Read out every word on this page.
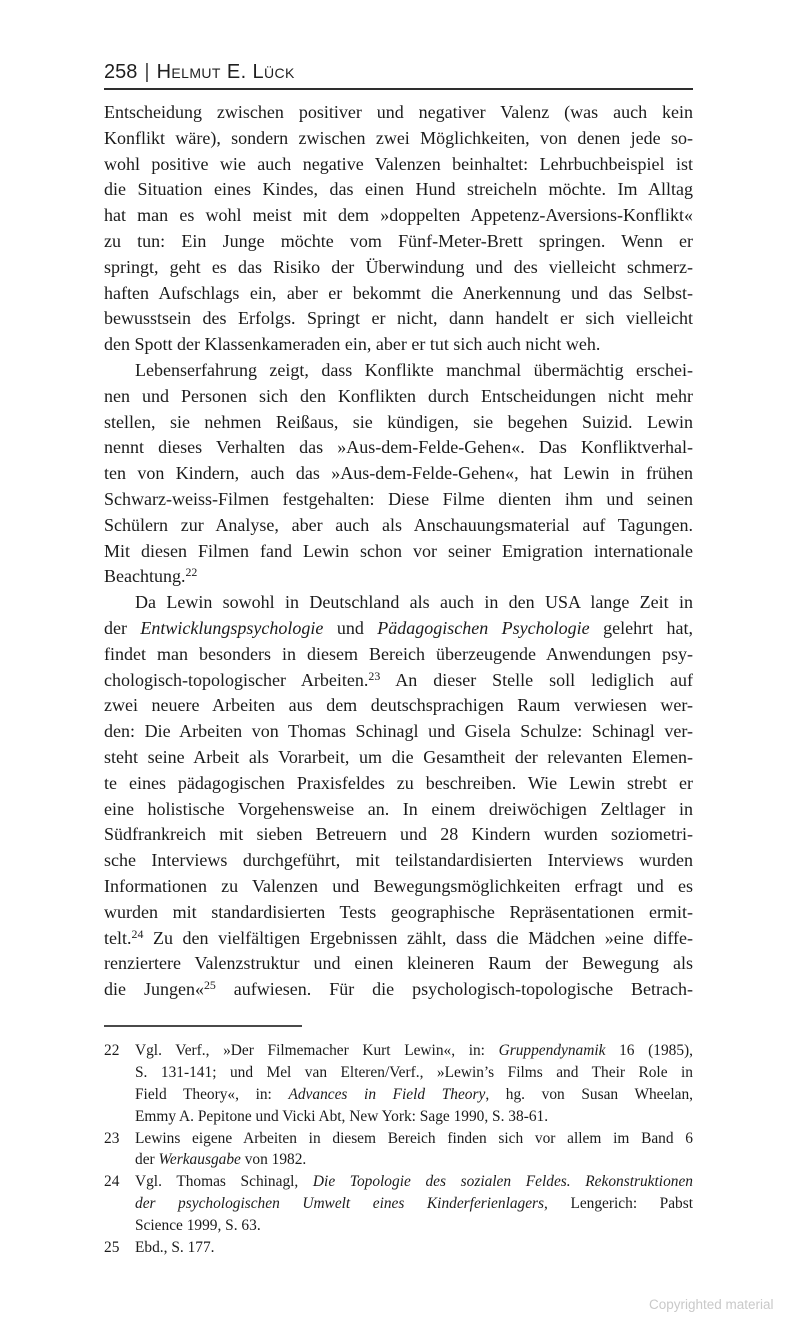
258 | Helmut E. Lück
Entscheidung zwischen positiver und negativer Valenz (was auch kein
Konflikt wäre), sondern zwischen zwei Möglichkeiten, von denen jede so-
wohl positive wie auch negative Valenzen beinhaltet: Lehrbuchbeispiel ist
die Situation eines Kindes, das einen Hund streicheln möchte. Im Alltag
hat man es wohl meist mit dem »doppelten Appetenz-Aversions-Konflikt«
zu tun: Ein Junge möchte vom Fünf-Meter-Brett springen. Wenn er
springt, geht es das Risiko der Überwindung und des vielleicht schmerz-
haften Aufschlags ein, aber er bekommt die Anerkennung und das Selbst-
bewusstsein des Erfolgs. Springt er nicht, dann handelt er sich vielleicht
den Spott der Klassenkameraden ein, aber er tut sich auch nicht weh.
Lebenserfahrung zeigt, dass Konflikte manchmal übermächtig erschei-
nen und Personen sich den Konflikten durch Entscheidungen nicht mehr
stellen, sie nehmen Reißaus, sie kündigen, sie begehen Suizid. Lewin
nennt dieses Verhalten das »Aus-dem-Felde-Gehen«. Das Konfliktverhal-
ten von Kindern, auch das »Aus-dem-Felde-Gehen«, hat Lewin in frühen
Schwarz-weiss-Filmen festgehalten: Diese Filme dienten ihm und seinen
Schülern zur Analyse, aber auch als Anschauungsmaterial auf Tagungen.
Mit diesen Filmen fand Lewin schon vor seiner Emigration internationale
Beachtung.$^{22}$
Da Lewin sowohl in Deutschland als auch in den USA lange Zeit in
der Entwicklungspsychologie und Pädagogischen Psychologie gelehrt hat,
findet man besonders in diesem Bereich überzeugende Anwendungen psy-
chologisch-topologischer Arbeiten.$^{23}$ An dieser Stelle soll lediglich auf
zwei neuere Arbeiten aus dem deutschsprachigen Raum verwiesen wer-
den: Die Arbeiten von Thomas Schinagl und Gisela Schulze: Schinagl ver-
steht seine Arbeit als Vorarbeit, um die Gesamtheit der relevanten Elemen-
te eines pädagogischen Praxisfeldes zu beschreiben. Wie Lewin strebt er
eine holistische Vorgehensweise an. In einem dreiwöchigen Zeltlager in
Südfrankreich mit sieben Betreuern und 28 Kindern wurden soziometri-
sche Interviews durchgeführt, mit teilstandardisierten Interviews wurden
Informationen zu Valenzen und Bewegungsmöglichkeiten erfragt und es
wurden mit standardisierten Tests geographische Repräsentationen ermit-
telt.$^{24}$ Zu den vielfältigen Ergebnissen zählt, dass die Mädchen »eine diffe-
renziertere Valenzstruktur und einen kleineren Raum der Bewegung als
die Jungen«$^{25}$ aufwiesen. Für die psychologisch-topologische Betrach-
22 Vgl. Verf., »Der Filmemacher Kurt Lewin«, in: Gruppendynamik 16 (1985),
S. 131-141; und Mel van Elteren/Verf., »Lewin’s Films and Their Role in
Field Theory«, in: Advances in Field Theory, hg. von Susan Wheelan,
Emmy A. Pepitone und Vicki Abt, New York: Sage 1990, S. 38-61.
23 Lewins eigene Arbeiten in diesem Bereich finden sich vor allem im Band 6
der Werkausgabe von 1982.
24 Vgl. Thomas Schinagl, Die Topologie des sozialen Feldes. Rekonstruktionen
der psychologischen Umwelt eines Kinderferienlagers, Lengerich: Pabst
Science 1999, S. 63.
25 Ebd., S. 177.
Copyrighted material
